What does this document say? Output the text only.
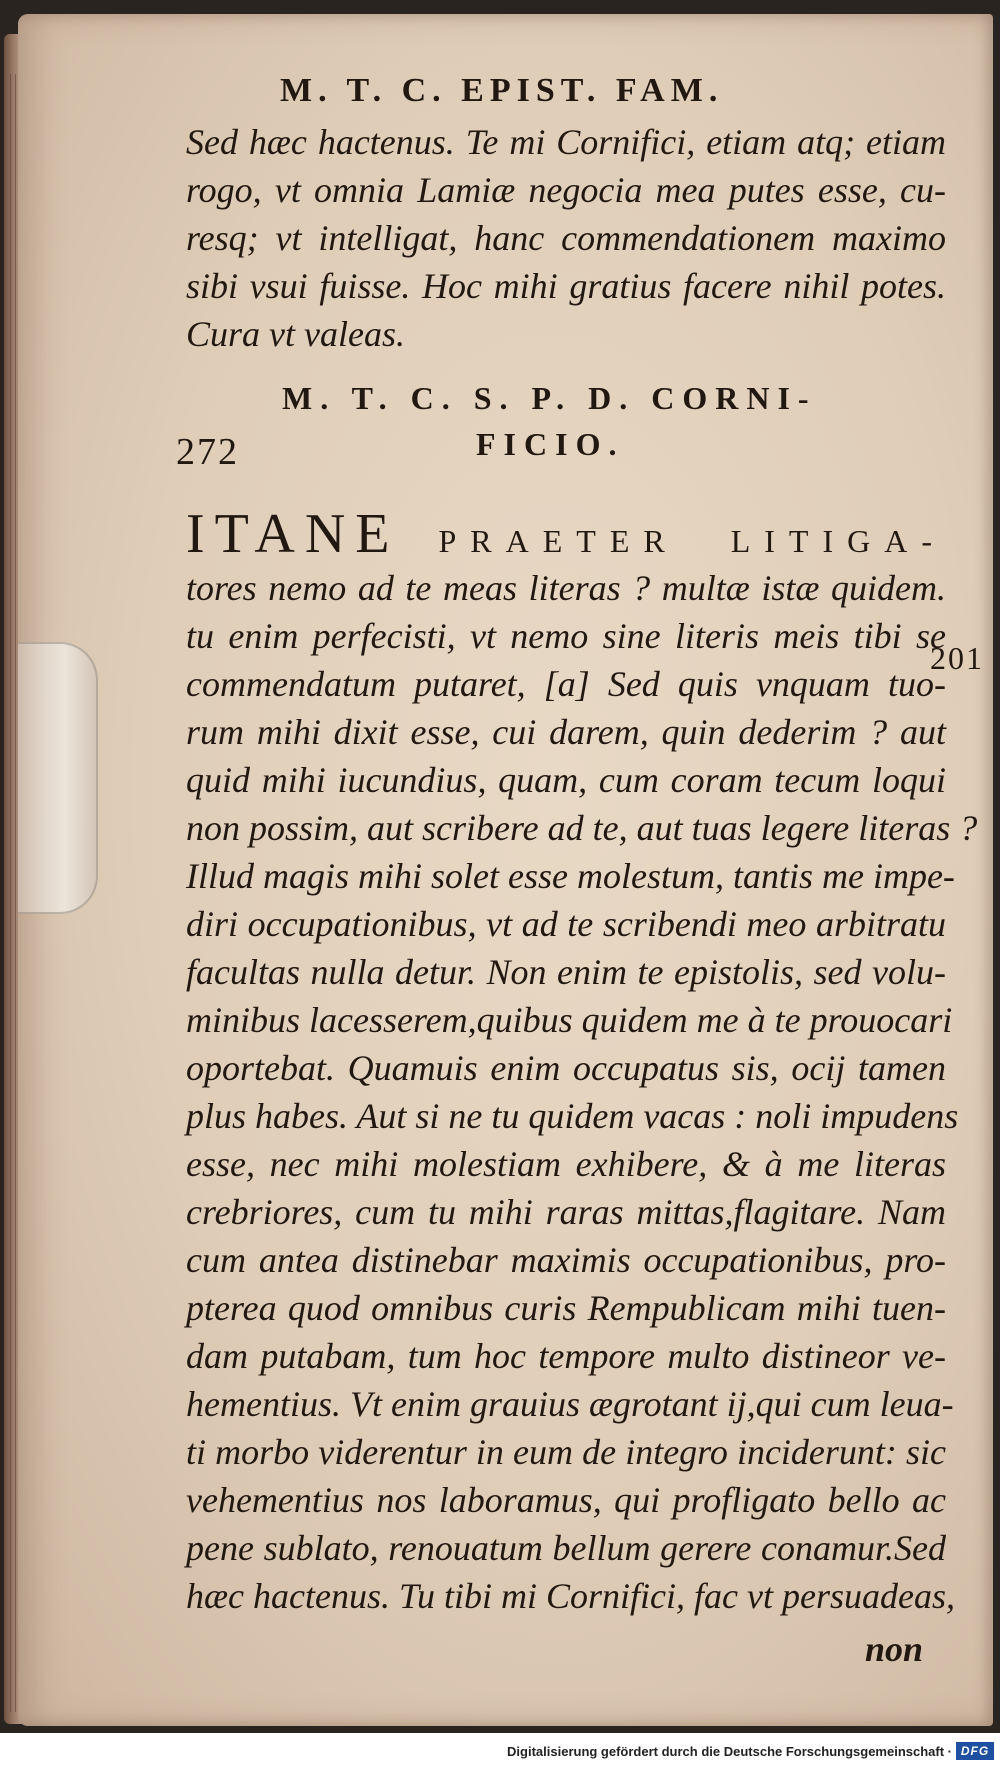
M. T. C. EPIST. FAM.
Sed hæc hactenus. Te mi Cornifici, etiam atq; etiam
rogo, vt omnia Lamiæ negocia mea putes esse, cu-
resq; vt intelligat, hanc commendationem maximo
sibi vsui fuisse. Hoc mihi gratius facere nihil potes.
Cura vt valeas.
M. T. C. S. P. D. CORNI-
272	FICIO.
ITANE PRAETER LITIGA-
tores nemo ad te meas literas ? multæ istæ quidem.
tu enim perfecisti, vt nemo sine literis meis tibi se
commendatum putaret, [a] Sed quis vnquam tuo-
201
rum mihi dixit esse, cui darem, quin dederim ? aut
quid mihi iucundius, quam, cum coram tecum loqui
non possim, aut scribere ad te, aut tuas legere literas ?
Illud magis mihi solet esse molestum, tantis me impe-
diri occupationibus, vt ad te scribendi meo arbitratu
facultas nulla detur. Non enim te epistolis, sed volu-
minibus lacesserem,quibus quidem me à te prouocari
oportebat. Quamuis enim occupatus sis, ocij tamen
plus habes. Aut si ne tu quidem vacas : noli impudens
esse, nec mihi molestiam exhibere, & à me literas
crebriores, cum tu mihi raras mittas,flagitare. Nam
cum antea distinebar maximis occupationibus, pro-
pterea quod omnibus curis Rempublicam mihi tuen-
dam putabam, tum hoc tempore multo distineor ve-
hementius. Vt enim grauius ægrotant ij,qui cum leua-
ti morbo viderentur in eum de integro inciderunt: sic
vehementius nos laboramus, qui profligato bello ac
pene sublato, renouatum bellum gerere conamur.Sed
hæc hactenus. Tu tibi mi Cornifici, fac vt persuadeas,
non
Digitalisierung gefördert durch die Deutsche Forschungsgemeinschaft · DFG
